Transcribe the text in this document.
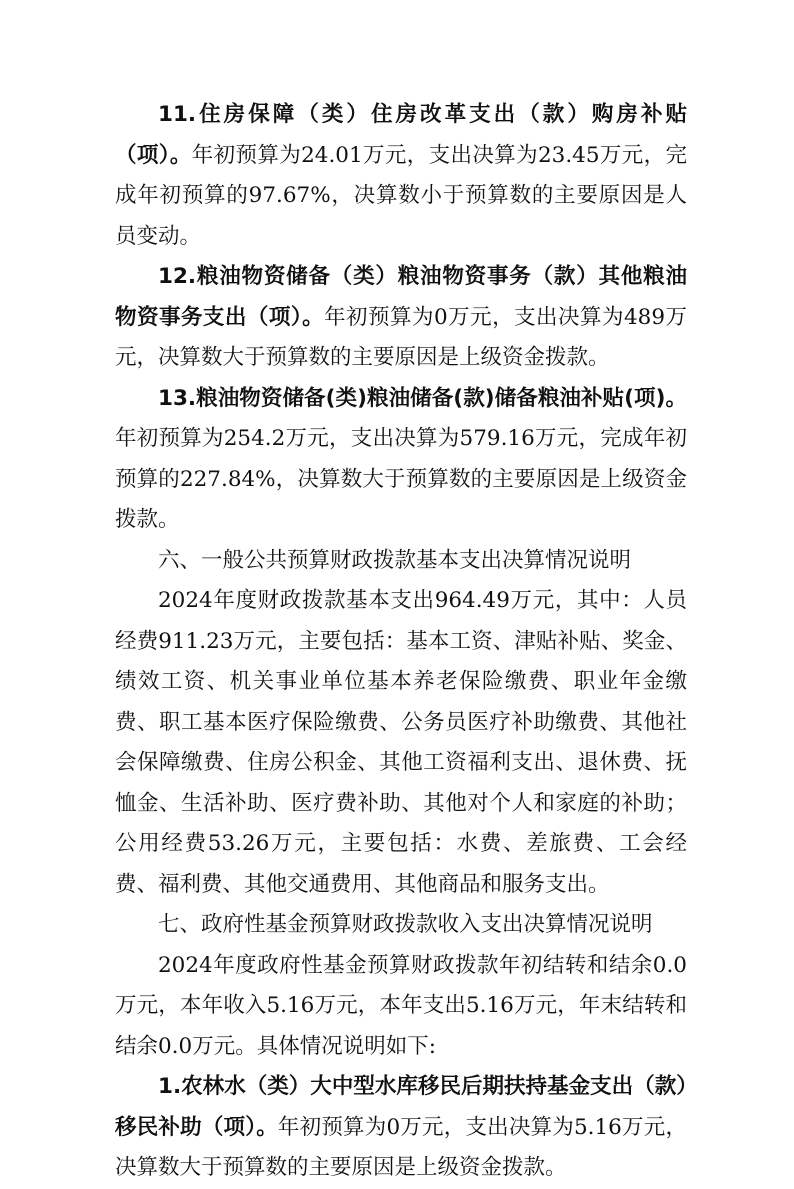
11.住房保障（类）住房改革支出（款）购房补贴（项）。年初预算为24.01万元，支出决算为23.45万元，完成年初预算的97.67%，决算数小于预算数的主要原因是人员变动。

12.粮油物资储备（类）粮油物资事务（款）其他粮油物资事务支出（项）。年初预算为0万元，支出决算为489万元，决算数大于预算数的主要原因是上级资金拨款。

13.粮油物资储备(类)粮油储备(款)储备粮油补贴(项)。年初预算为254.2万元，支出决算为579.16万元，完成年初预算的227.84%，决算数大于预算数的主要原因是上级资金拨款。

六、一般公共预算财政拨款基本支出决算情况说明

2024年度财政拨款基本支出964.49万元，其中：人员经费911.23万元，主要包括：基本工资、津贴补贴、奖金、绩效工资、机关事业单位基本养老保险缴费、职业年金缴费、职工基本医疗保险缴费、公务员医疗补助缴费、其他社会保障缴费、住房公积金、其他工资福利支出、退休费、抚恤金、生活补助、医疗费补助、其他对个人和家庭的补助；公用经费53.26万元，主要包括：水费、差旅费、工会经费、福利费、其他交通费用、其他商品和服务支出。

七、政府性基金预算财政拨款收入支出决算情况说明

2024年度政府性基金预算财政拨款年初结转和结余0.0万元，本年收入5.16万元，本年支出5.16万元，年末结转和结余0.0万元。具体情况说明如下:

1.农林水（类）大中型水库移民后期扶持基金支出（款）移民补助（项）。年初预算为0万元，支出决算为5.16万元，决算数大于预算数的主要原因是上级资金拨款。
